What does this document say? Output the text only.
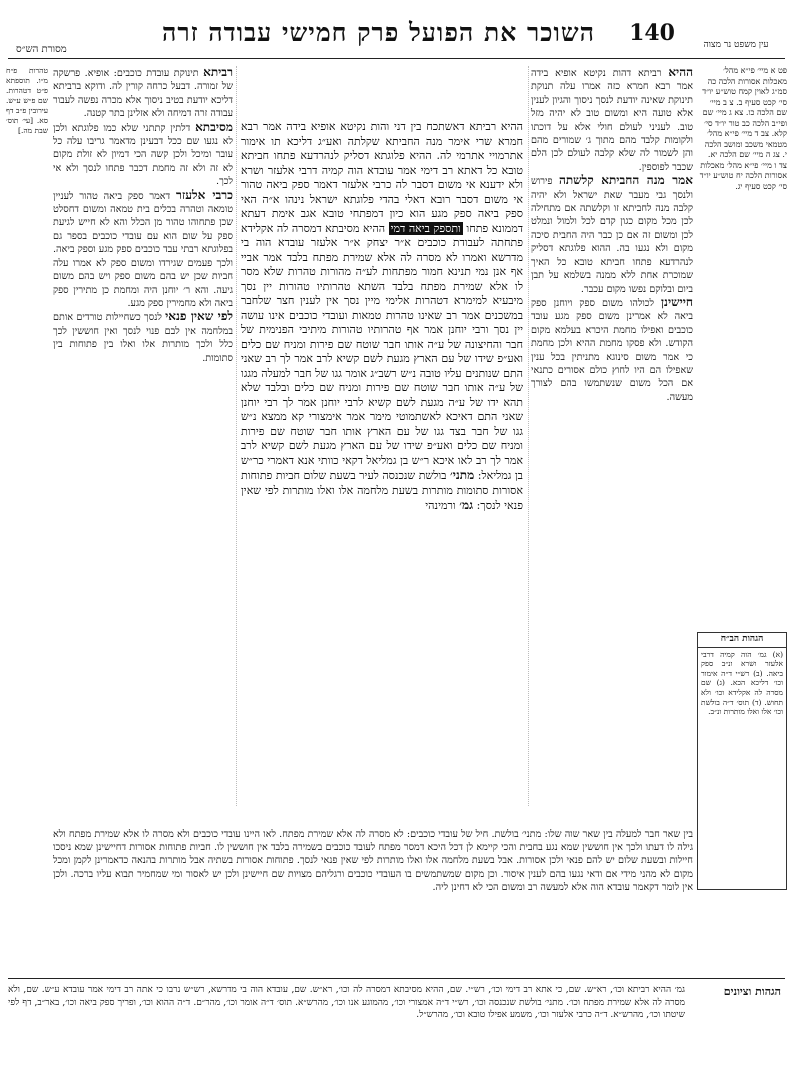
עין משפט נר מצוה
140
השוכר את הפועל פרק חמישי עבודה זרה
מסורת הש״ס

פט א מיי׳ פי״א מהל׳ מאכלות אסורות הלכה כה סמ״ג לאוין קמח טוש״ע יו״ד סי׳ קכט סעיף ב. צ ב מיי׳ שם הלכה כו. צא ג מיי׳ שם ופי״ב הלכה כב טור יו״ד סי׳ קלא. צב ד מיי׳ פי״א מהל׳ מטמאי משכב ומושב הלכה י. צג ה מיי׳ שם הלכה יא. צד ו מיי׳ פי״א מהל׳ מאכלות אסורות הלכה יח טוש״ע יו״ד סי׳ קכט סעיף יג.

הגהות הב״ח
(א) גמ׳ הוה קמיה דרבי אלעזר ושרא ונ״ב ספק ביאה. (ב) רש״י ד״ה אימור וכו׳ דליכא הכא. (ג) שם מסרה לה אקלידא וכו׳ ולא תחוש. (ד) תוס׳ ד״ה בולשת וכו׳ אלו ואלו מותרות ונ״ב.

ההיא רביתא דהות נקיטא אופיא בידה אמר רבא חמרא כזה אמרו עלה תנוקת תינוקת שאינה יודעת לנסך ניסוך והגיון לענין אלא טועה היא ומשום טוב לא יהיה מזל טוב. לעניני לעולם חולי אלא על דוכתו ולקומות קלבד מהם מתוך ג׳ שמורים מהם והן לשמור לה שלא קלבה לעולם לכן הלם שכבר לפוספין.

אמר מנה החביתא קלשתה פירוש ולנסך גבי מעבר שאת ישראל ולא יהיה קלבה מנה לחביתא זו וקלשתה אם מתחילה לכן מכל מקום כגון קדם לכל ולמול ונמלט לכן ומשום זה אם כן כבר היה החבית סיכה מקום ולא נגעו בה. ההוא פלוגתא דסליק לנהרדעא פתחו חביתא טובא כל האיך שמוכרת אחת ללא ממנה בשלמא על תבן ביום ובלוקם נפשו מקום עכבר.

חיישינן לכולהו משום ספק ויוחנן ספק ביאה לא אמרינן משום ספק מגע עובד כוכבים ואפילו מחמת היכרא בעלמא מקום הקודש. ולא פסקו מחמת ההיא ולכן מחמת כי אמר משום סינוגא מתניתין בכל ענין שאפילו הם היו לחוץ כולם אסורים כתנאי אם הכל משום שנשתמשו בהם לצורך מעשה.

ההיא רביתא דאשתכח בין דני והות נקיטא אופיא בידה אמר רבא חמרא שרי אימר מנה החביתא שקלתה ואע״ג דליכא תו אימור אתרמויי אתרמי לה. ההיא פלוגתא דסליק לנהרדעא פתחו חביתא טובא כל דאתא רב דימי אמר עובדא הוה קמיה דרבי אלעזר ושרא ולא ידענא אי משום דסבר לה כרבי אלעזר דאמר ספק ביאה טהור אי משום דסבר רובא דאלי בהדי פלוגתא ישראל נינהו א״ה האי ספק ביאה ספק מגע הוא כיון דמפתחי טובא אגב אימת דעתא דממונא פתחו ותספק ביאה דמי ההיא מסיבתא דמסרה לה אקלידא פתחתה לעבודת כוכבים א״ר יצחק א״ר אלעזר עובדא הוה בי מדרשא ואמרו לא מסרה לה אלא שמירת מפתח בלבד אמר אביי אף אנן נמי תנינא חמור מפתחות לע״ה מהורות טהרות שלא מסר לו אלא שמירת מפתח בלבד השתא טהרותיו טהורות יין נסך מיבעיא למימרא דטהרות אלימי מיין נסך אין לענין חצר שלחבר במשכנים אמר רב שאינו טהרות טמאות ועובדי כוכבים אינו עושה יין נסך ורבי יוחנן אמר אף טהרותיו טהורות מיתיבי הפנימית של חבר והחיצונה של ע״ה אותו חבר שוטח שם פירות ומניח שם כלים ואע״פ שידו של עם הארץ מגעת לשם קשיא לרב אמר לך רב שאני התם שנותנים עליו טובה נ״ש רשב״ג אומר גגו של חבר למעלה מגגו של ע״ה אותו חבר שוטח שם פירות ומניח שם כלים ובלבד שלא תהא ידו של ע״ה מגעת לשם קשיא לרבי יוחנן אמר לך רבי יוחנן שאני התם דאיכא לאשתמוטי מימר אמר אימצורי קא ממצא נ״ש גגו של חבר בצד גגו של עם הארץ אותו חבר שוטח שם פירות ומניח שם כלים ואע״פ שידו של עם הארץ מגעת לשם קשיא לרב אמר לך רב לאו איכא ר״ש בן גמליאל דקאי כוותי אנא דאמרי כר״ש בן גמליאל: מתני׳ בולשת שנכנסה לעיר בשעת שלום חביות פתוחות אסורות סתומות מותרות בשעת מלחמה אלו ואלו מותרות לפי שאין פנאי לנסך: גמ׳ ורמינהי

רביתא תינוקת עובדת כוכבים: אופיא. פרשקה של זמורה. דבעל כרחה קורין לה. ודוקא ברביתא דליכא יודעת בטיב ניסוך אלא מכרה נפשה לעבור עבודה זרה דמיחה ולא אזלינן בתר קטנה.

מסיבתא דלתין קתתני שלא כמו פלוגתא ולכן לא נגעו שם ככל דבעינן מדאמר גריבו עלה כל עובר ומיכל ולכן קשה הכי דמיון לא זולת מקום לא זה ולא זה מחמת דכבר פתחו לנסך ולא אי לכך.

כרבי אלעזר דאמר ספק ביאה טהור לעניין טומאה וטהרה בכלים בית טמאה ומשום דחסלט שכן פתחוהו טהור מן הכלל והא לא חייש לגיעת ספק על שום הוא עם עובדי כוכבים בספר גם בפלוגתא רבתי עבד כוכבים ספק מגע וספק ביאה. ולכך פעמים שגירדו ומשום ספק לא אמרו עלה חביות שכן יש בהם משום ספק ויש בהם משום גיעה. והא ר׳ יוחנן היה ומחמת כן מתירין ספק ביאה ולא מחמירין ספק מגע.

לפי שאין פנאי לנסך כשחיילות טורדים אותם במלחמה אין לבם פנוי לנסך ואין חוששין לכך כלל ולכך מותרות אלו ואלו בין פתוחות בין סתומות.

טהרות פ״ח מ״ו. תוספתא פ״ט דטהרות. שם פ״ש ע״ש. עירובין פ״ב דף סא. [עי׳ תוס׳ שבת מה.]

בין שאר חבר למעלה בין שאר שוה שלו: מתני׳ בולשת. חיל של עובדי כוכבים: לא מסרה לה אלא שמירת מפתח. לאו היינו עובדי כוכבים ולא מסרה לו אלא שמירת מפתח ולא גילה לו דעתו ולכך אין חוששין שמא נגע בחבית והכי קיימא לן דכל היכא דמסר מפתח לעובד כוכבים בשמירה בלבד אין חוששין לו. חביות פתוחות אסורות דחיישינן שמא ניסכו חיילות ובשעת שלום יש להם פנאי ולכן אסורות. אבל בשעת מלחמה אלו ואלו מותרות לפי שאין פנאי לנסך. פתוחות אסורות בשתיה אבל מותרות בהנאה כדאמרינן לקמן ומכל מקום לא מהני מידי אם ודאי נגעו בהם לענין איסור. וכן מקום שמשתמשים בו העובדי כוכבים ורגליהם מצויות שם חיישינן ולכן יש לאסור ומי שמחמיר תבוא עליו ברכה. ולכן אין לומר דקאמר עובדא הוה אלא למעשה רב ומשום הכי לא דחינן ליה.

הגהות וציונים
גמ׳ ההיא רביתא וכו׳, רא״ש. שם, כי אתא רב דימי וכו׳, רש״י. שם, ההיא מסיבתא דמסרה לה וכו׳, רא״ש. שם, עובדא הוה בי מדרשא, רש״ש נרבו כי אתה רב דימי אמר עובדא ע״ש. שם, ולא מסרה לה אלא שמירת מפתח וכו׳. מתני׳ בולשת שנכנסה וכו׳, רש״י ד״ה אמצורי וכו׳, מהמוגע אנו וכו׳, מהרש״א. תוס׳ ד״ה אומר וכו׳, מהר״ם. ד״ה ההוא וכו׳, ופריך ספק ביאה וכו׳, באר״ב, דף לפי שיטתו וכו׳, מהרש״א. ד״ה כרבי אלעזר וכו׳, משמע אפילו טובא וכו׳, מהרש״ל.
